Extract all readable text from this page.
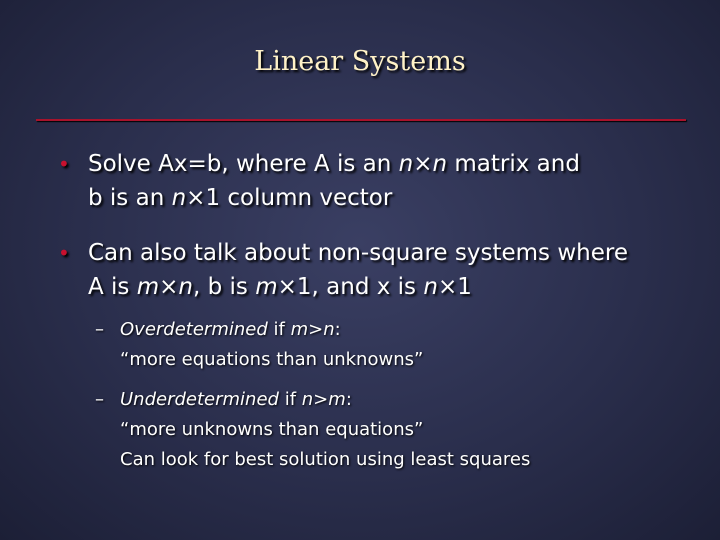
Linear Systems
• Solve Ax=b, where A is an n×n matrix and
b is an n×1 column vector
• Can also talk about non-square systems where
A is m×n, b is m×1, and x is n×1
– Overdetermined if m>n:
“more equations than unknowns”
– Underdetermined if n>m:
“more unknowns than equations”
Can look for best solution using least squares
